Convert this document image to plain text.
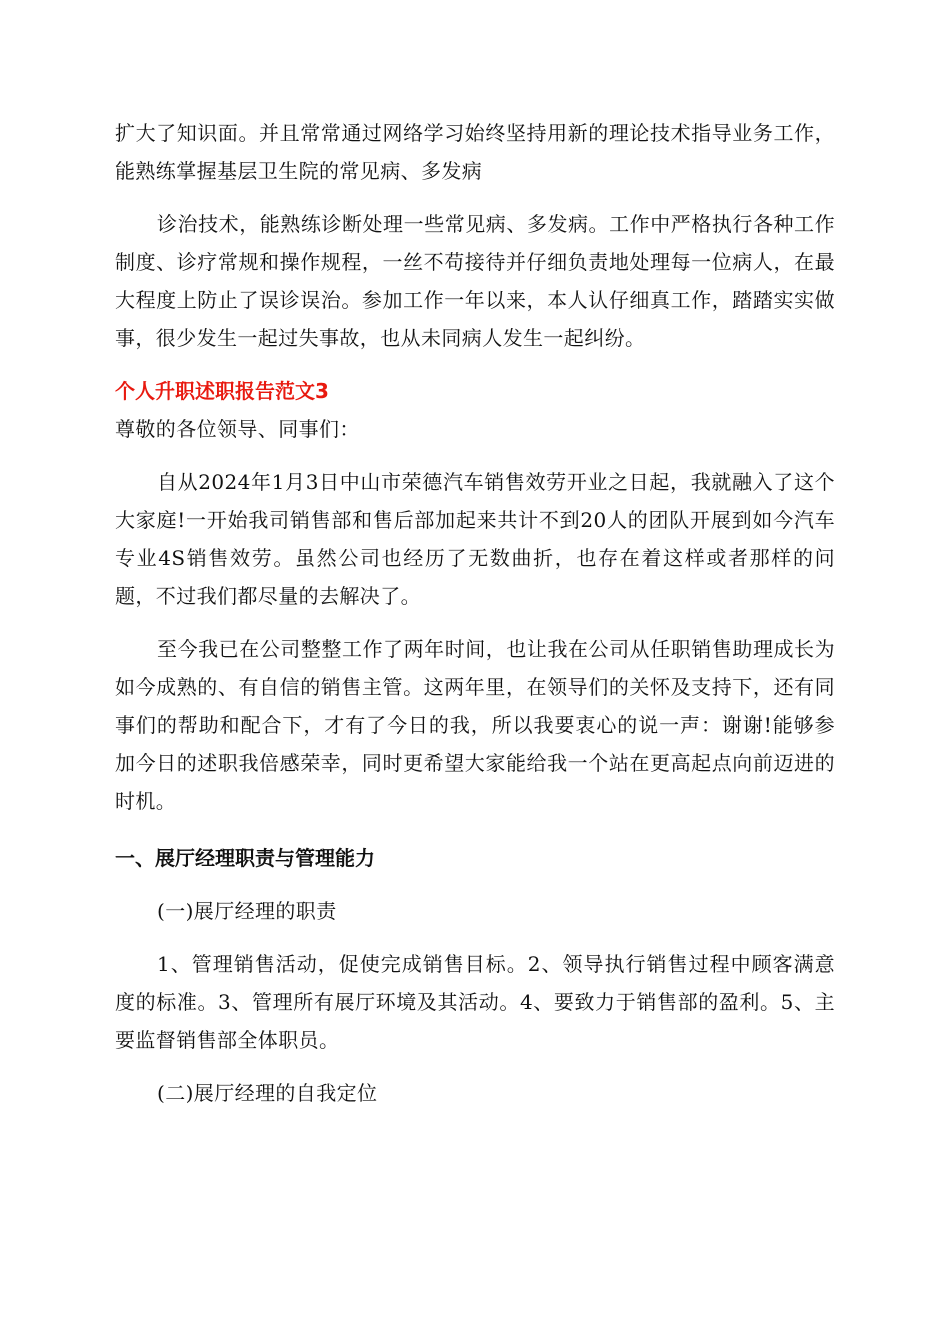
扩大了知识面。并且常常通过网络学习始终坚持用新的理论技术指导业务工作，能熟练掌握基层卫生院的常见病、多发病

诊治技术，能熟练诊断处理一些常见病、多发病。工作中严格执行各种工作制度、诊疗常规和操作规程，一丝不苟接待并仔细负责地处理每一位病人，在最大程度上防止了误诊误治。参加工作一年以来，本人认仔细真工作，踏踏实实做事，很少发生一起过失事故，也从未同病人发生一起纠纷。

个人升职述职报告范文3

尊敬的各位领导、同事们：

自从2024年1月3日中山市荣德汽车销售效劳开业之日起，我就融入了这个大家庭!一开始我司销售部和售后部加起来共计不到20人的团队开展到如今汽车专业4S销售效劳。虽然公司也经历了无数曲折，也存在着这样或者那样的问题，不过我们都尽量的去解决了。

至今我已在公司整整工作了两年时间，也让我在公司从任职销售助理成长为如今成熟的、有自信的销售主管。这两年里，在领导们的关怀及支持下，还有同事们的帮助和配合下，才有了今日的我，所以我要衷心的说一声：谢谢!能够参加今日的述职我倍感荣幸，同时更希望大家能给我一个站在更高起点向前迈进的时机。

一、展厅经理职责与管理能力

(一)展厅经理的职责

1、管理销售活动，促使完成销售目标。2、领导执行销售过程中顾客满意度的标准。3、管理所有展厅环境及其活动。4、要致力于销售部的盈利。5、主要监督销售部全体职员。

(二)展厅经理的自我定位
